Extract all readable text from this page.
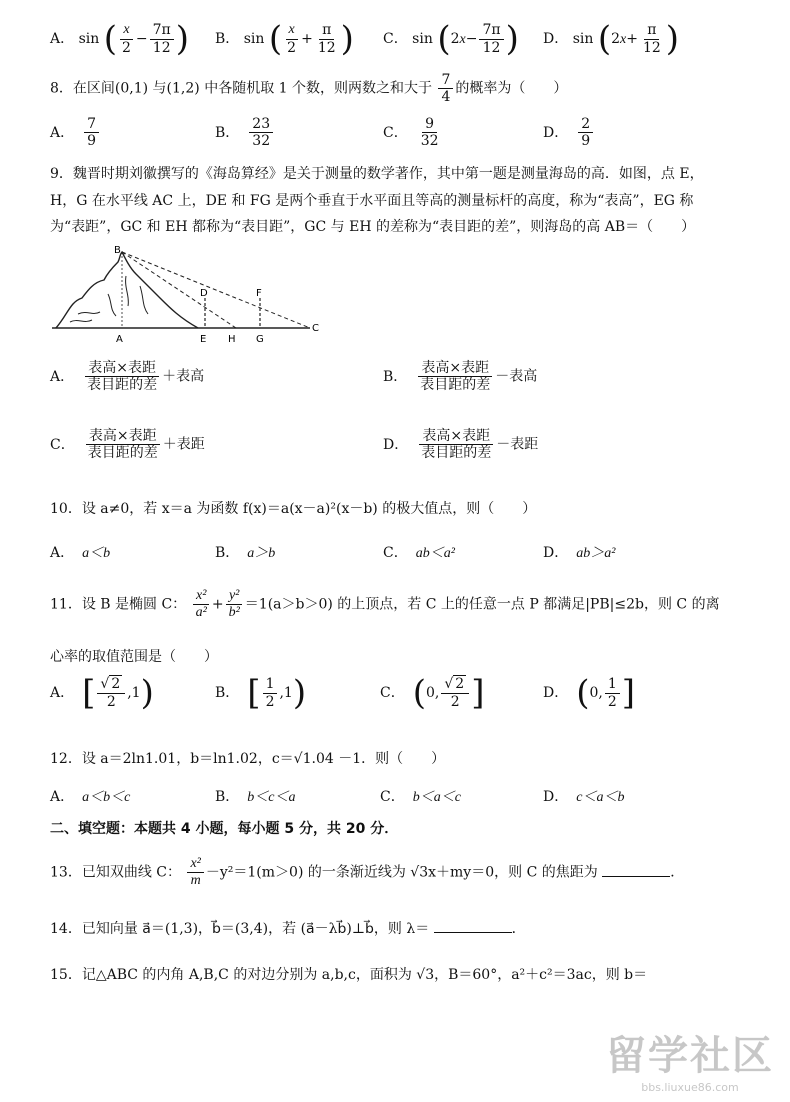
A． sin ( $\frac{x}{2} - \frac{7\pi}{12}$ ) B． sin ( $\frac{x}{2} + \frac{\pi}{12}$ ) C． $\sin (2x- \frac{7\pi}{12}$ ) D． $\sin (2x+ \frac{\pi}{12}$ )
8．在区间(0,1) 与(1,2) 中各随机取 1 个数，则两数之和大于 $\frac{7}{4}$ 的概率为（　　）
A． $\frac{7}{9}$	B． $\frac{23}{32}$	C． $\frac{9}{32}$	D． $\frac{2}{9}$
9．魏晋时期刘徽撰写的《海岛算经》是关于测量的数学著作，其中第一题是测量海岛的高．如图，点 E，
H，G 在水平线 AC 上，DE 和 FG 是两个垂直于水平面且等高的测量标杆的高度，称为“表高”，EG 称
为“表距”，GC 和 EH 都称为“表目距”，GC 与 EH 的差称为“表目距的差”，则海岛的高 AB＝（　　）
B
A
D	F
E H G
C
A． $\frac{\text{表高×表距}}{\text{表目距的差}}$ ＋表高	B． $\frac{\text{表高×表距}}{\text{表目距的差}}$ －表高
C． $\frac{\text{表高×表距}}{\text{表目距的差}}$ ＋表距	D． $\frac{\text{表高×表距}}{\text{表目距的差}}$ －表距
10．设 a≠0，若 x＝a 为函数 f(x)＝a(x－a)²(x－b) 的极大值点，则（　　）
A． a＜b	B． a＞b	C． ab＜a²	D． ab＞a²
11．设 B 是椭圆 C： $\frac{\text{x²}}{\text{a²}} + \frac{\text{y²}}{\text{b²}} =1(a>b>0)$ 的上顶点，若 C 上的任意一点 P 都满足|PB|≤2b，则 C 的离
心率的取值范围是（　　）
A． [ $\frac{√ 2}{2} ,1$)	B． [ $\frac{1}{2} ,1$)	C． (0, $\frac{√ 2}{2}$ ]	D． (0, $\frac{1}{2}$ ]
12．设 a＝2ln1.01，b＝ln1.02，c＝√1.04 －1．则（　　）
A． a＜b＜c	B． b＜c＜a	C． b＜a＜c	D． c＜a＜b
二、填空题：本题共 4 小题，每小题 5 分，共 20 分．
13．已知双曲线 C： $\frac{\text{x²}}{m} -y^2=1(m>0)$ 的一条渐近线为 √3x＋my＝0，则 C 的焦距为	．
14．已知向量 a⃗＝(1,3)，b⃗＝(3,4)，若 (a⃗－λb⃗)⊥b⃗，则 λ＝	．
15．记△ABC 的内角 A,B,C 的对边分别为 a,b,c，面积为 √3，B＝60°，a²＋c²＝3ac，则 b＝
留学社区
bbs.liuxue86.com
